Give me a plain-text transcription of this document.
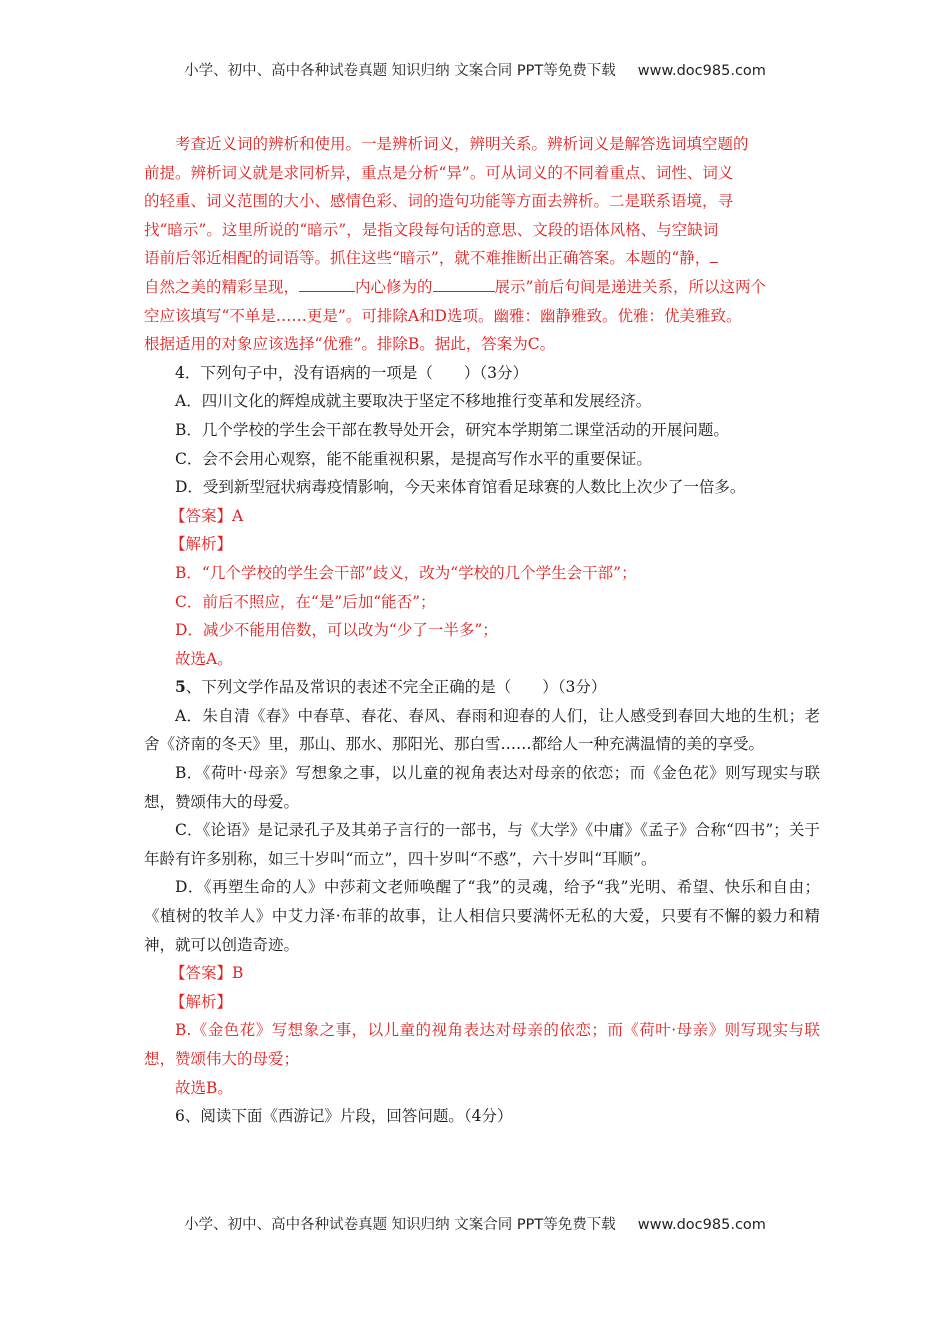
小学、初中、高中各种试卷真题 知识归纳 文案合同 PPT等免费下载 www.doc985.com

考查近义词的辨析和使用。一是辨析词义，辨明关系。辨析词义是解答选词填空题的

前提。辨析词义就是求同析异，重点是分析“异”。可从词义的不同着重点、词性、词义

的轻重、词义范围的大小、感情色彩、词的造句功能等方面去辨析。二是联系语境，寻

找“暗示”。这里所说的“暗示”，是指文段每句话的意思、文段的语体风格、与空缺词

语前后邻近相配的词语等。抓住这些“暗示”，就不难推断出正确答案。本题的“静，

自然之美的精彩呈现，	内心修为的	展示”前后句间是递进关系，所以这两个

空应该填写“不单是……更是”。可排除A和D选项。幽雅：幽静雅致。优雅：优美雅致。

根据适用的对象应该选择“优雅”。排除B。据此，答案为C。

4．下列句子中，没有语病的一项是（　　）（3分）

A．四川文化的辉煌成就主要取决于坚定不移地推行变革和发展经济。

B．几个学校的学生会干部在教导处开会，研究本学期第二课堂活动的开展问题。

C．会不会用心观察，能不能重视积累，是提高写作水平的重要保证。

D．受到新型冠状病毒疫情影响，今天来体育馆看足球赛的人数比上次少了一倍多。

【答案】A

【解析】

B．“几个学校的学生会干部”歧义，改为“学校的几个学生会干部”；

C．前后不照应，在“是”后加“能否”；

D．减少不能用倍数，可以改为“少了一半多”；

故选A。

5、下列文学作品及常识的表述不完全正确的是（　　）（3分）

A．朱自清《春》中春草、春花、春风、春雨和迎春的人们，让人感受到春回大地的生机；老舍《济南的冬天》里，那山、那水、那阳光、那白雪……都给人一种充满温情的美的享受。

B．《荷叶·母亲》写想象之事，以儿童的视角表达对母亲的依恋；而《金色花》则写现实与联想，赞颂伟大的母爱。

C．《论语》是记录孔子及其弟子言行的一部书，与《大学》《中庸》《孟子》合称“四书”；关于年龄有许多别称，如三十岁叫“而立”，四十岁叫“不惑”，六十岁叫“耳顺”。

D．《再塑生命的人》中莎莉文老师唤醒了“我”的灵魂，给予“我”光明、希望、快乐和自由；《植树的牧羊人》中艾力泽·布菲的故事，让人相信只要满怀无私的大爱，只要有不懈的毅力和精神，就可以创造奇迹。

【答案】B

【解析】

B.《金色花》写想象之事，以儿童的视角表达对母亲的依恋；而《荷叶·母亲》则写现实与联想，赞颂伟大的母爱；

故选B。

6、阅读下面《西游记》片段，回答问题。（4分）

小学、初中、高中各种试卷真题 知识归纳 文案合同 PPT等免费下载 www.doc985.com
